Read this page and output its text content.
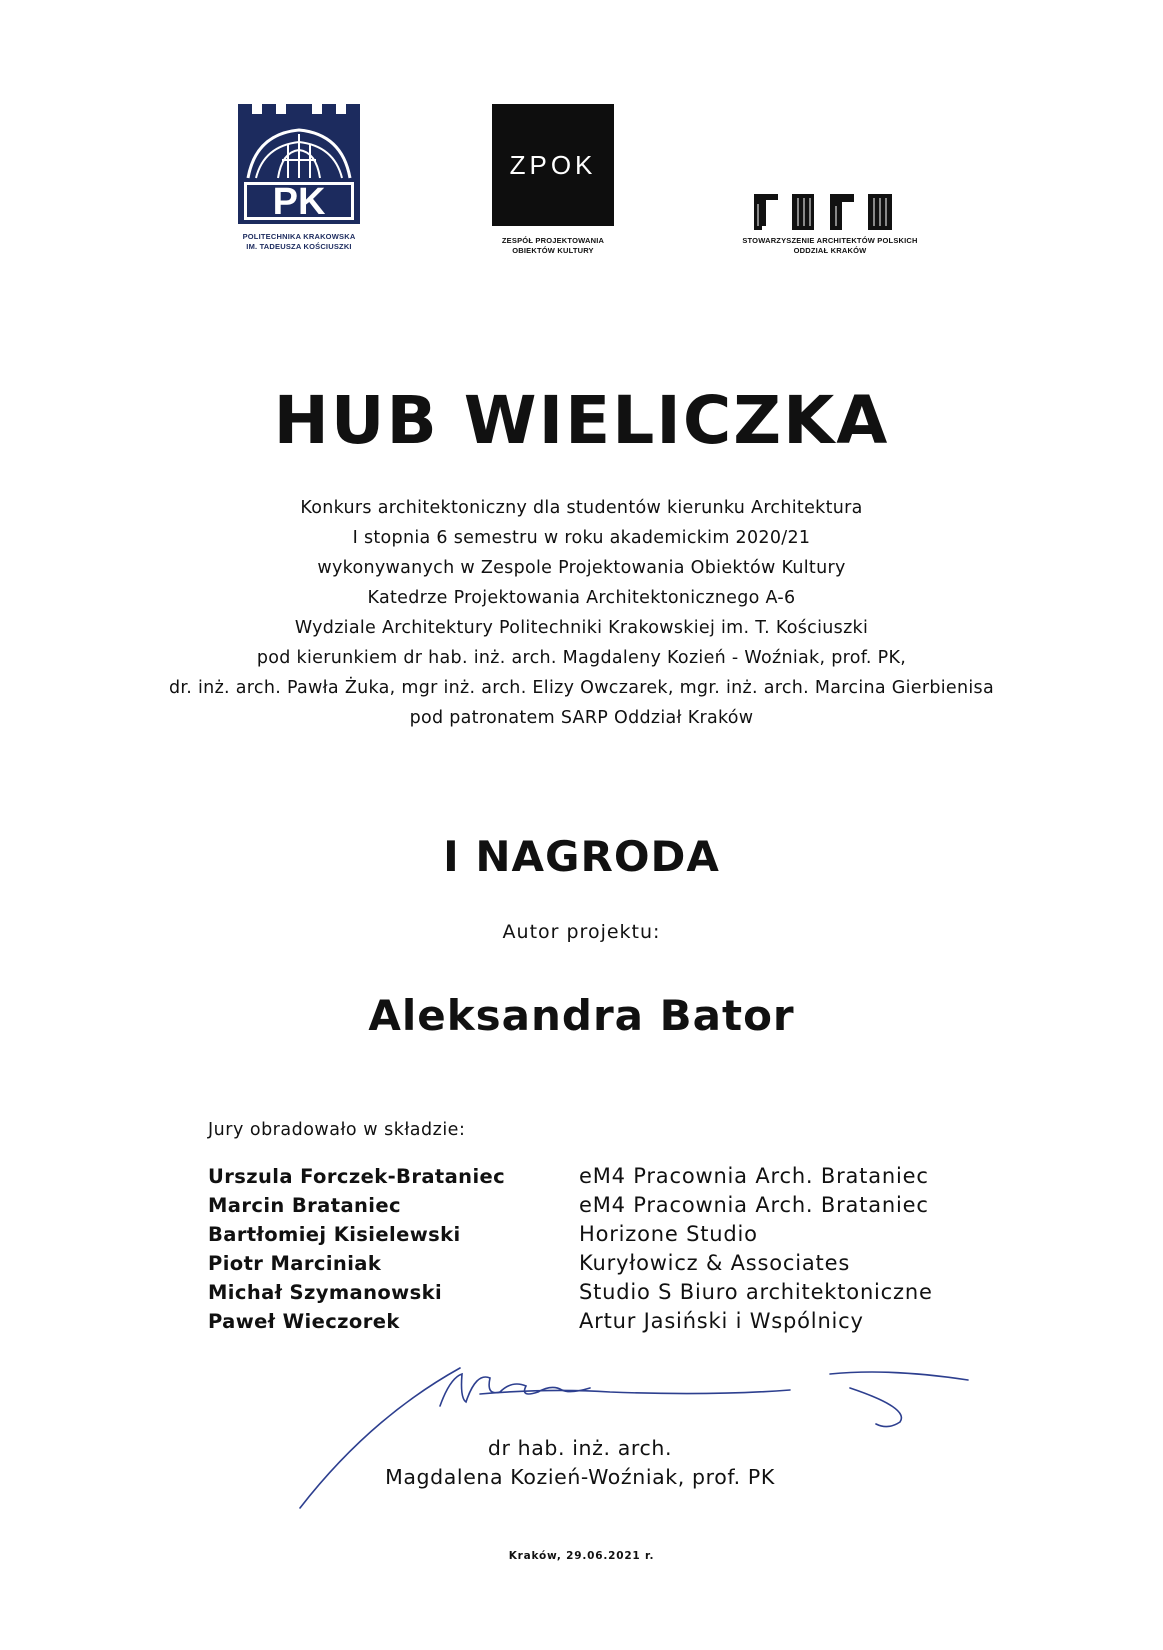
PK
POLITECHNIKA KRAKOWSKA
IM. TADEUSZA KOŚCIUSZKI
ZPOK
ZESPÓŁ PROJEKTOWANIA
OBIEKTÓW KULTURY
STOWARZYSZENIE ARCHITEKTÓW POLSKICH
ODDZIAŁ KRAKÓW
HUB WIELICZKA
Konkurs architektoniczny dla studentów kierunku Architektura
I stopnia 6 semestru w roku akademickim 2020/21
wykonywanych w Zespole Projektowania Obiektów Kultury
Katedrze Projektowania Architektonicznego A-6
Wydziale Architektury Politechniki Krakowskiej im. T. Kościuszki
pod kierunkiem dr hab. inż. arch. Magdaleny Kozień - Woźniak, prof. PK,
dr. inż. arch. Pawła Żuka, mgr inż. arch. Elizy Owczarek, mgr. inż. arch. Marcina Gierbienisa
pod patronatem SARP Oddział Kraków
I NAGRODA
Autor projektu:
Aleksandra Bator
Jury obradowało w składzie:
Urszula Forczek-Brataniec	eM4 Pracownia Arch. Brataniec
Marcin Brataniec	eM4 Pracownia Arch. Brataniec
Bartłomiej Kisielewski	Horizone Studio
Piotr Marciniak	Kuryłowicz & Associates
Michał Szymanowski	Studio S Biuro architektoniczne
Paweł Wieczorek	Artur Jasiński i Wspólnicy
dr hab. inż. arch.
Magdalena Kozień-Woźniak, prof. PK
Kraków, 29.06.2021 r.
